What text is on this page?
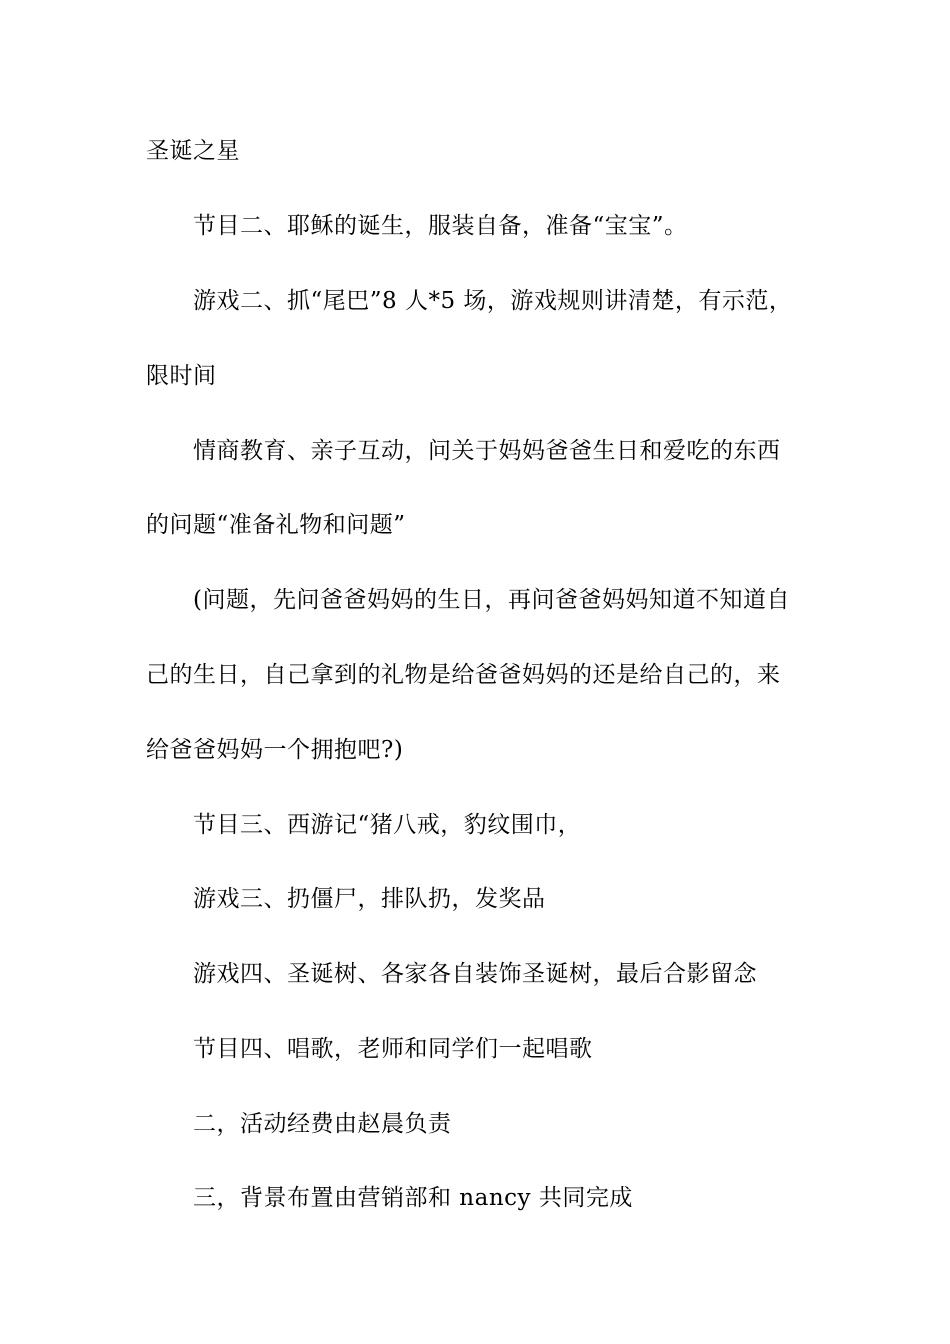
圣诞之星
节目二、耶稣的诞生，服装自备，准备“宝宝”。
游戏二、抓“尾巴”8 人*5 场，游戏规则讲清楚，有示范，
限时间
情商教育、亲子互动，问关于妈妈爸爸生日和爱吃的东西
的问题“准备礼物和问题”
(问题，先问爸爸妈妈的生日，再问爸爸妈妈知道不知道自
己的生日，自己拿到的礼物是给爸爸妈妈的还是给自己的，来
给爸爸妈妈一个拥抱吧?)
节目三、西游记“猪八戒，豹纹围巾，
游戏三、扔僵尸，排队扔，发奖品
游戏四、圣诞树、各家各自装饰圣诞树，最后合影留念
节目四、唱歌，老师和同学们一起唱歌
二，活动经费由赵晨负责
三，背景布置由营销部和 nancy 共同完成
